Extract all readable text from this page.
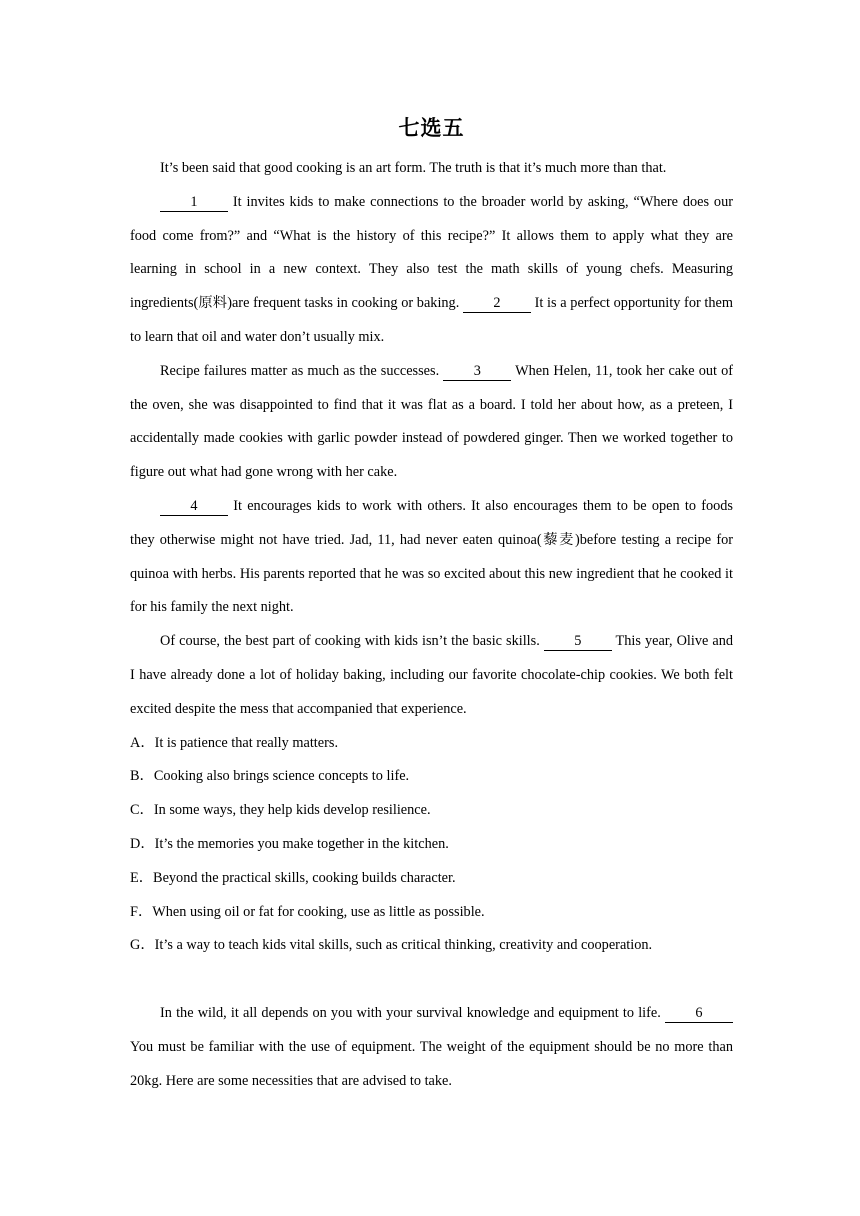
七选五

It’s been said that good cooking is an art form. The truth is that it’s much more than that.

1 It invites kids to make connections to the broader world by asking, “Where does our food come from?” and “What is the history of this recipe?” It allows them to apply what they are learning in school in a new context. They also test the math skills of young chefs. Measuring ingredients(原料)are frequent tasks in cooking or baking. 2 It is a perfect opportunity for them to learn that oil and water don’t usually mix.

Recipe failures matter as much as the successes. 3 When Helen, 11, took her cake out of the oven, she was disappointed to find that it was flat as a board. I told her about how, as a preteen, I accidentally made cookies with garlic powder instead of powdered ginger. Then we worked together to figure out what had gone wrong with her cake.

4 It encourages kids to work with others. It also encourages them to be open to foods they otherwise might not have tried. Jad, 11, had never eaten quinoa(藜麦)before testing a recipe for quinoa with herbs. His parents reported that he was so excited about this new ingredient that he cooked it for his family the next night.

Of course, the best part of cooking with kids isn’t the basic skills. 5 This year, Olive and I have already done a lot of holiday baking, including our favorite chocolate-chip cookies. We both felt excited despite the mess that accompanied that experience.

A．It is patience that really matters.

B．Cooking also brings science concepts to life.

C．In some ways, they help kids develop resilience.

D．It’s the memories you make together in the kitchen.

E．Beyond the practical skills, cooking builds character.

F．When using oil or fat for cooking, use as little as possible.

G．It’s a way to teach kids vital skills, such as critical thinking, creativity and cooperation.

In the wild, it all depends on you with your survival knowledge and equipment to life. 6 You must be familiar with the use of equipment. The weight of the equipment should be no more than 20kg. Here are some necessities that are advised to take.
